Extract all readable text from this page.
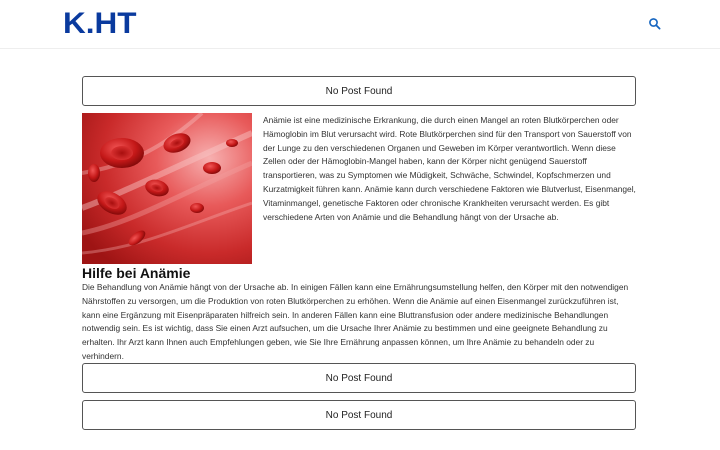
K.HT
No Post Found
Anämie ist eine medizinische Erkrankung, die durch einen Mangel an roten Blutkörperchen oder Hämoglobin im Blut verursacht wird. Rote Blutkörperchen sind für den Transport von Sauerstoff von der Lunge zu den verschiedenen Organen und Geweben im Körper verantwortlich. Wenn diese Zellen oder der Hämoglobin-Mangel haben, kann der Körper nicht genügend Sauerstoff transportieren, was zu Symptomen wie Müdigkeit, Schwäche, Schwindel, Kopfschmerzen und Kurzatmigkeit führen kann. Anämie kann durch verschiedene Faktoren wie Blutverlust, Eisenmangel, Vitaminmangel, genetische Faktoren oder chronische Krankheiten verursacht werden. Es gibt verschiedene Arten von Anämie und die Behandlung hängt von der Ursache ab.
Hilfe bei Anämie
Die Behandlung von Anämie hängt von der Ursache ab. In einigen Fällen kann eine Ernährungsumstellung helfen, den Körper mit den notwendigen Nährstoffen zu versorgen, um die Produktion von roten Blutkörperchen zu erhöhen. Wenn die Anämie auf einen Eisenmangel zurückzuführen ist, kann eine Ergänzung mit Eisenpräparaten hilfreich sein. In anderen Fällen kann eine Bluttransfusion oder andere medizinische Behandlungen notwendig sein. Es ist wichtig, dass Sie einen Arzt aufsuchen, um die Ursache Ihrer Anämie zu bestimmen und eine geeignete Behandlung zu erhalten. Ihr Arzt kann Ihnen auch Empfehlungen geben, wie Sie Ihre Ernährung anpassen können, um Ihre Anämie zu behandeln oder zu verhindern.
No Post Found
No Post Found
